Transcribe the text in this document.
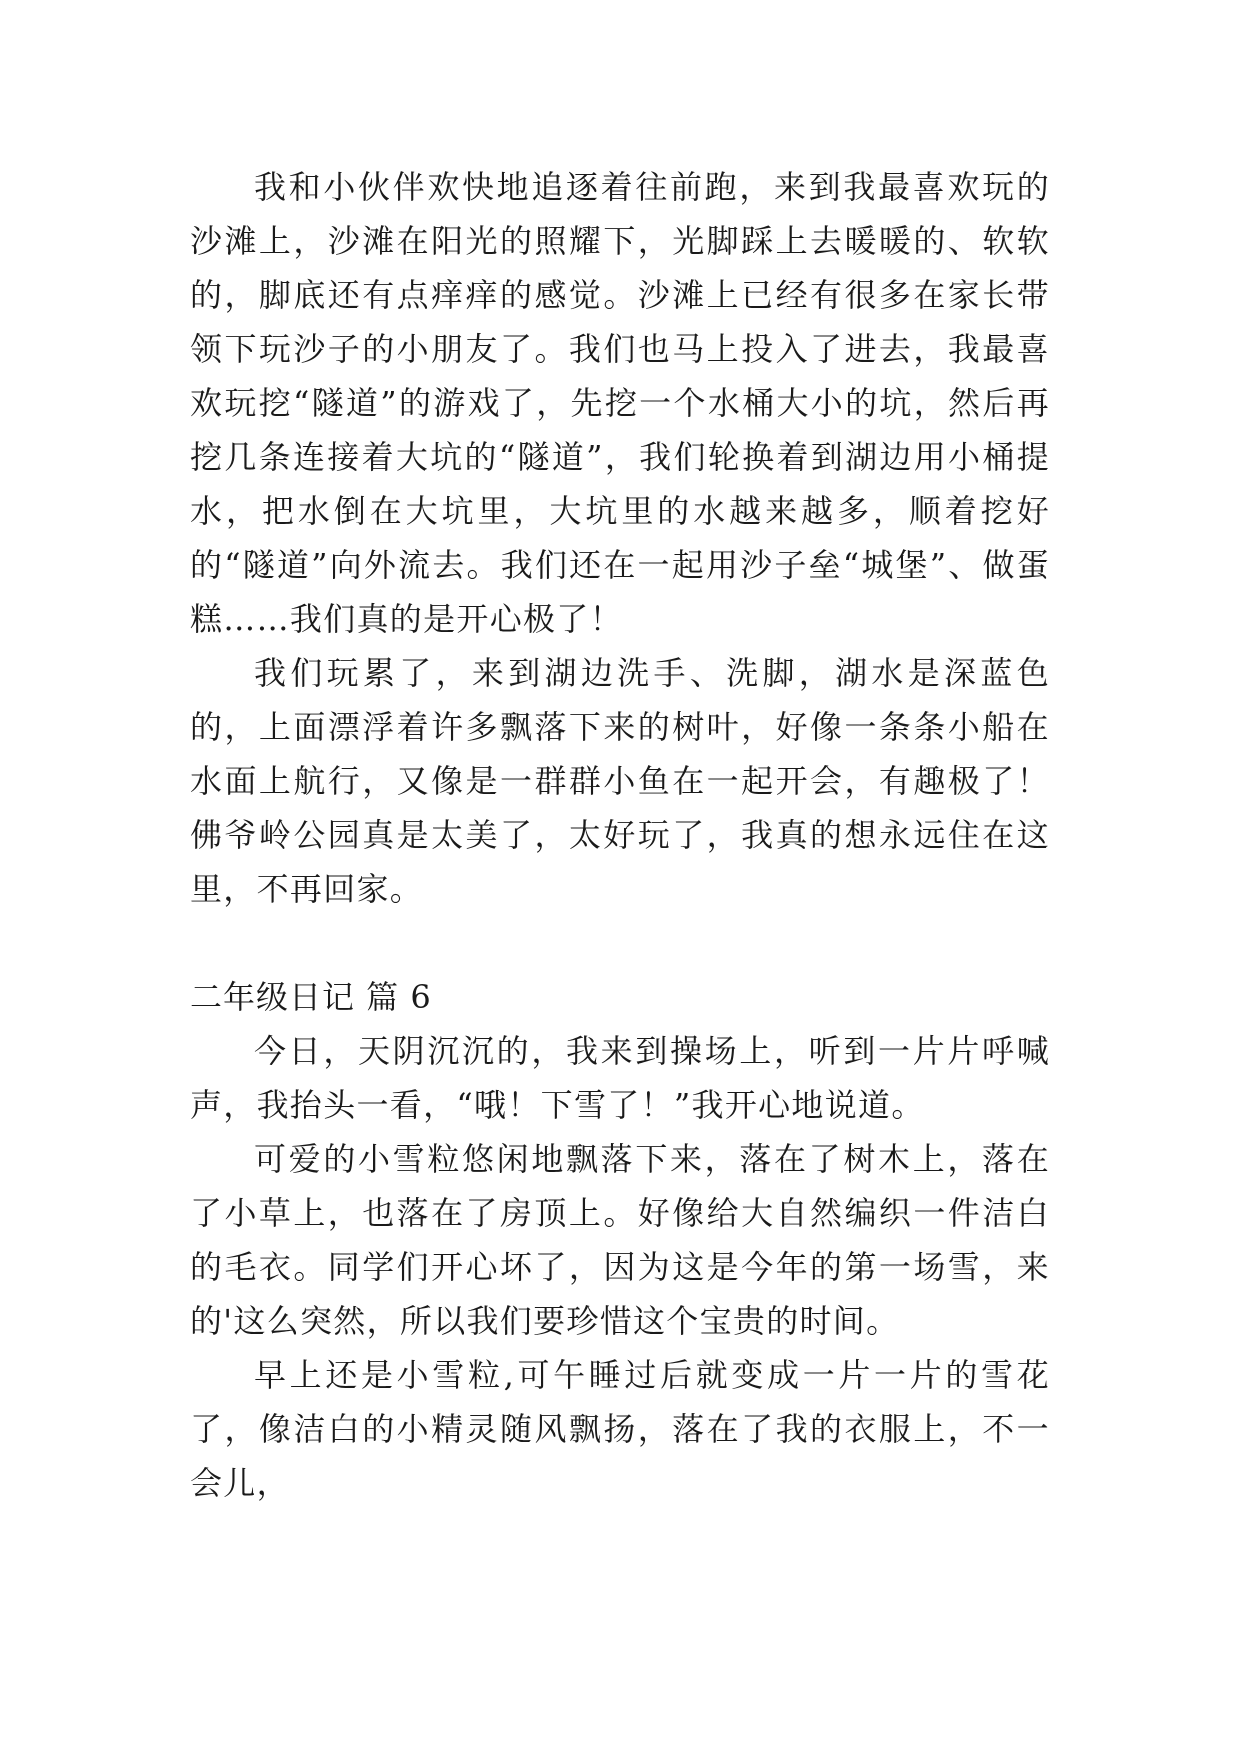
我和小伙伴欢快地追逐着往前跑，来到我最喜欢玩的沙滩上，沙滩在阳光的照耀下，光脚踩上去暖暖的、软软的，脚底还有点痒痒的感觉。沙滩上已经有很多在家长带领下玩沙子的小朋友了。我们也马上投入了进去，我最喜欢玩挖“隧道”的游戏了，先挖一个水桶大小的坑，然后再挖几条连接着大坑的“隧道”，我们轮换着到湖边用小桶提水，把水倒在大坑里，大坑里的水越来越多，顺着挖好的“隧道”向外流去。我们还在一起用沙子垒“城堡”、做蛋糕……我们真的是开心极了！

我们玩累了，来到湖边洗手、洗脚，湖水是深蓝色的，上面漂浮着许多飘落下来的树叶，好像一条条小船在水面上航行，又像是一群群小鱼在一起开会，有趣极了！ 佛爷岭公园真是太美了，太好玩了，我真的想永远住在这里，不再回家。

二年级日记 篇 6

今日，天阴沉沉的，我来到操场上，听到一片片呼喊声，我抬头一看，“哦！下雪了！”我开心地说道。

可爱的小雪粒悠闲地飘落下来，落在了树木上，落在了小草上，也落在了房顶上。好像给大自然编织一件洁白的毛衣。同学们开心坏了，因为这是今年的第一场雪，来的'这么突然，所以我们要珍惜这个宝贵的时间。

早上还是小雪粒,可午睡过后就变成一片一片的雪花了，像洁白的小精灵随风飘扬，落在了我的衣服上，不一会儿，
